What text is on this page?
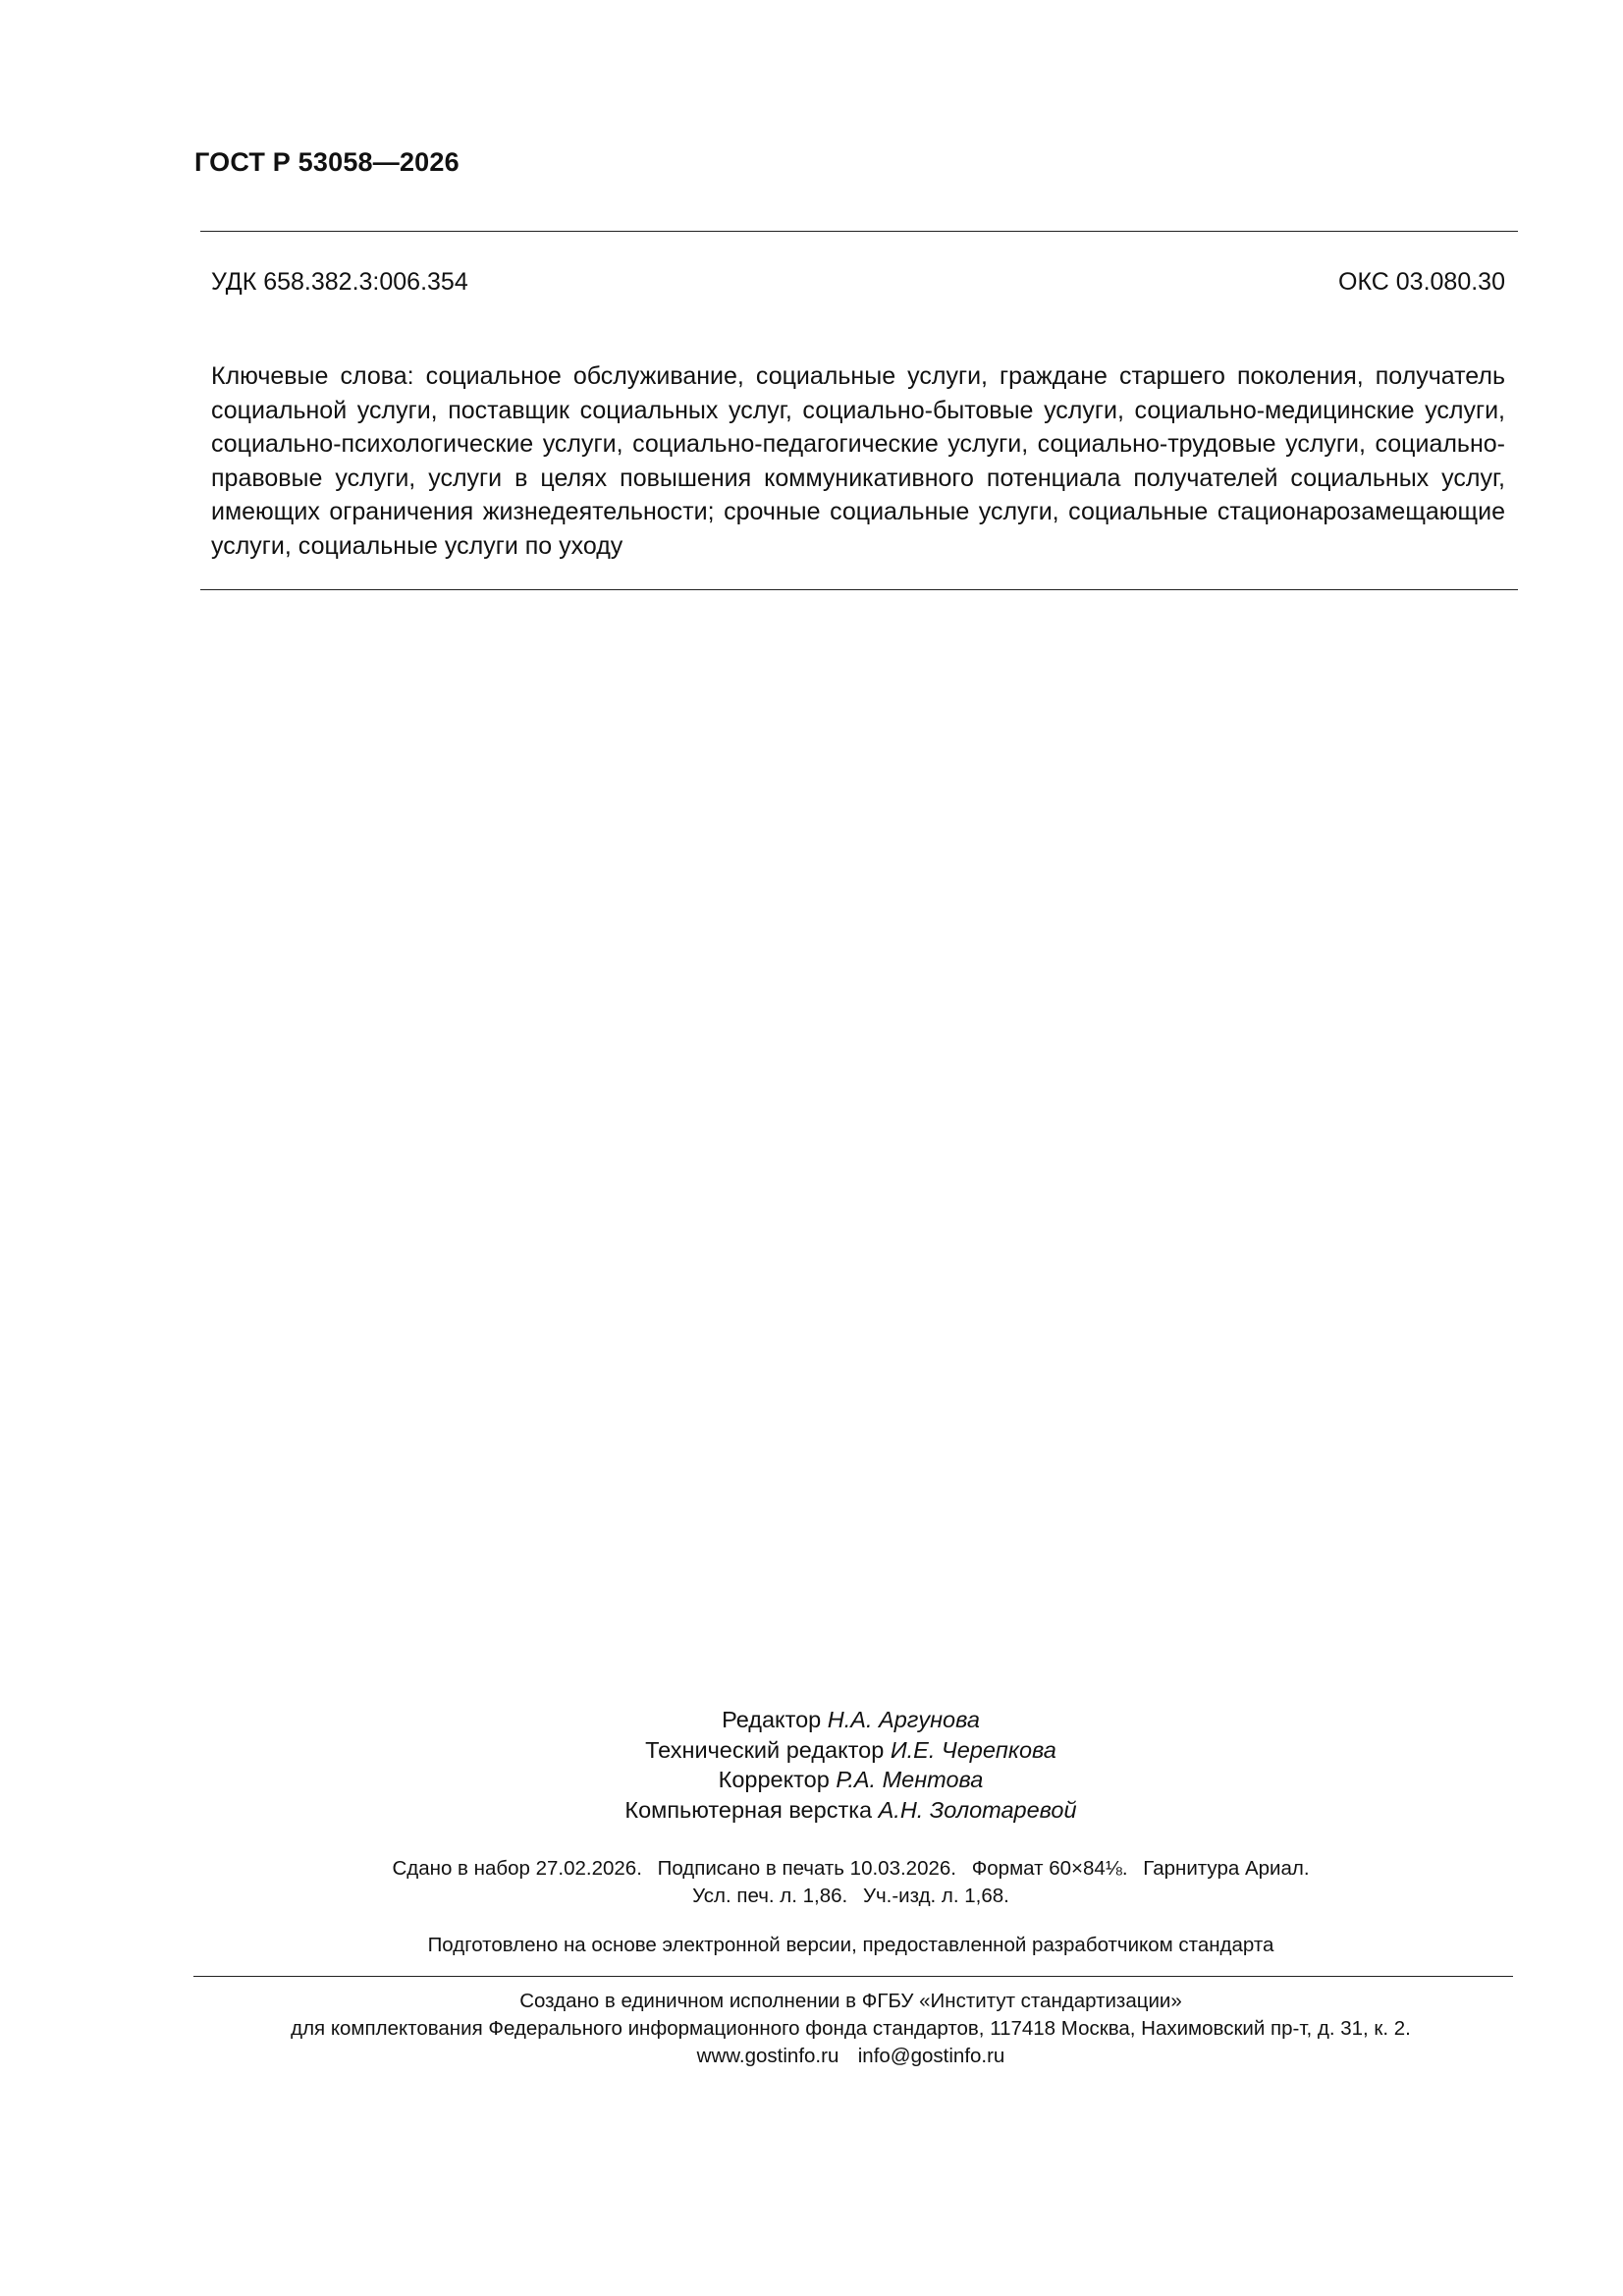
ГОСТ Р 53058—2026
УДК 658.382.3:006.354	ОКС 03.080.30
Ключевые слова: социальное обслуживание, социальные услуги, граждане старшего поколения, получатель социальной услуги, поставщик социальных услуг, социально-бытовые услуги, социально-медицинские услуги, социально-психологические услуги, социально-педагогические услуги, социально-трудовые услуги, социально-правовые услуги, услуги в целях повышения коммуникативного потенциала получателей социальных услуг, имеющих ограничения жизнедеятельности; срочные социальные услуги, социальные стационарозамещающие услуги, социальные услуги по уходу
Редактор Н.А. Аргунова
Технический редактор И.Е. Черепкова
Корректор Р.А. Ментова
Компьютерная верстка А.Н. Золотаревой
Сдано в набор 27.02.2026. Подписано в печать 10.03.2026. Формат 60×84⅛. Гарнитура Ариал.
Усл. печ. л. 1,86. Уч.-изд. л. 1,68.
Подготовлено на основе электронной версии, предоставленной разработчиком стандарта
Создано в единичном исполнении в ФГБУ «Институт стандартизации»
для комплектования Федерального информационного фонда стандартов, 117418 Москва, Нахимовский пр-т, д. 31, к. 2.
www.gostinfo.ru info@gostinfo.ru
